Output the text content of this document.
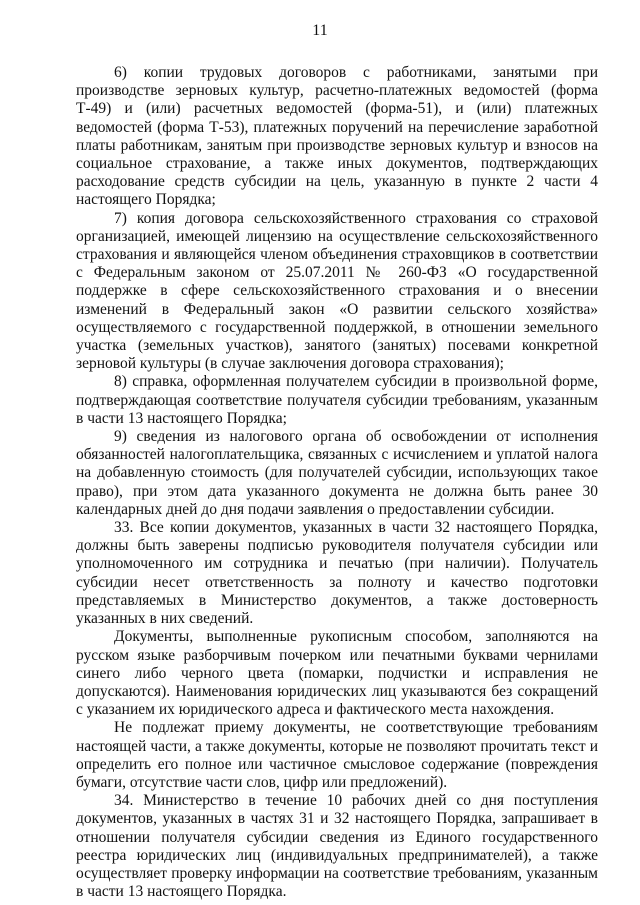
11

6) копии трудовых договоров с работниками, занятыми при производстве зерновых культур, расчетно-платежных ведомостей (форма Т-49) и (или) расчетных ведомостей (форма-51), и (или) платежных ведомостей (форма Т-53), платежных поручений на перечисление заработной платы работникам, занятым при производстве зерновых культур и взносов на социальное страхование, а также иных документов, подтверждающих расходование средств субсидии на цель, указанную в пункте 2 части 4 настоящего Порядка;

7) копия договора сельскохозяйственного страхования со страховой организацией, имеющей лицензию на осуществление сельскохозяйственного страхования и являющейся членом объединения страховщиков в соответствии с Федеральным законом от 25.07.2011 № 260-ФЗ «О государственной поддержке в сфере сельскохозяйственного страхования и о внесении изменений в Федеральный закон «О развитии сельского хозяйства» осуществляемого с государственной поддержкой, в отношении земельного участка (земельных участков), занятого (занятых) посевами конкретной зерновой культуры (в случае заключения договора страхования);

8) справка, оформленная получателем субсидии в произвольной форме, подтверждающая соответствие получателя субсидии требованиям, указанным в части 13 настоящего Порядка;

9) сведения из налогового органа об освобождении от исполнения обязанностей налогоплательщика, связанных с исчислением и уплатой налога на добавленную стоимость (для получателей субсидии, использующих такое право), при этом дата указанного документа не должна быть ранее 30 календарных дней до дня подачи заявления о предоставлении субсидии.

33. Все копии документов, указанных в части 32 настоящего Порядка, должны быть заверены подписью руководителя получателя субсидии или уполномоченного им сотрудника и печатью (при наличии). Получатель субсидии несет ответственность за полноту и качество подготовки представляемых в Министерство документов, а также достоверность указанных в них сведений.

Документы, выполненные рукописным способом, заполняются на русском языке разборчивым почерком или печатными буквами чернилами синего либо черного цвета (помарки, подчистки и исправления не допускаются). Наименования юридических лиц указываются без сокращений с указанием их юридического адреса и фактического места нахождения.

Не подлежат приему документы, не соответствующие требованиям настоящей части, а также документы, которые не позволяют прочитать текст и определить его полное или частичное смысловое содержание (повреждения бумаги, отсутствие части слов, цифр или предложений).

34. Министерство в течение 10 рабочих дней со дня поступления документов, указанных в частях 31 и 32 настоящего Порядка, запрашивает в отношении получателя субсидии сведения из Единого государственного реестра юридических лиц (индивидуальных предпринимателей), а также осуществляет проверку информации на соответствие требованиям, указанным в части 13 настоящего Порядка.
